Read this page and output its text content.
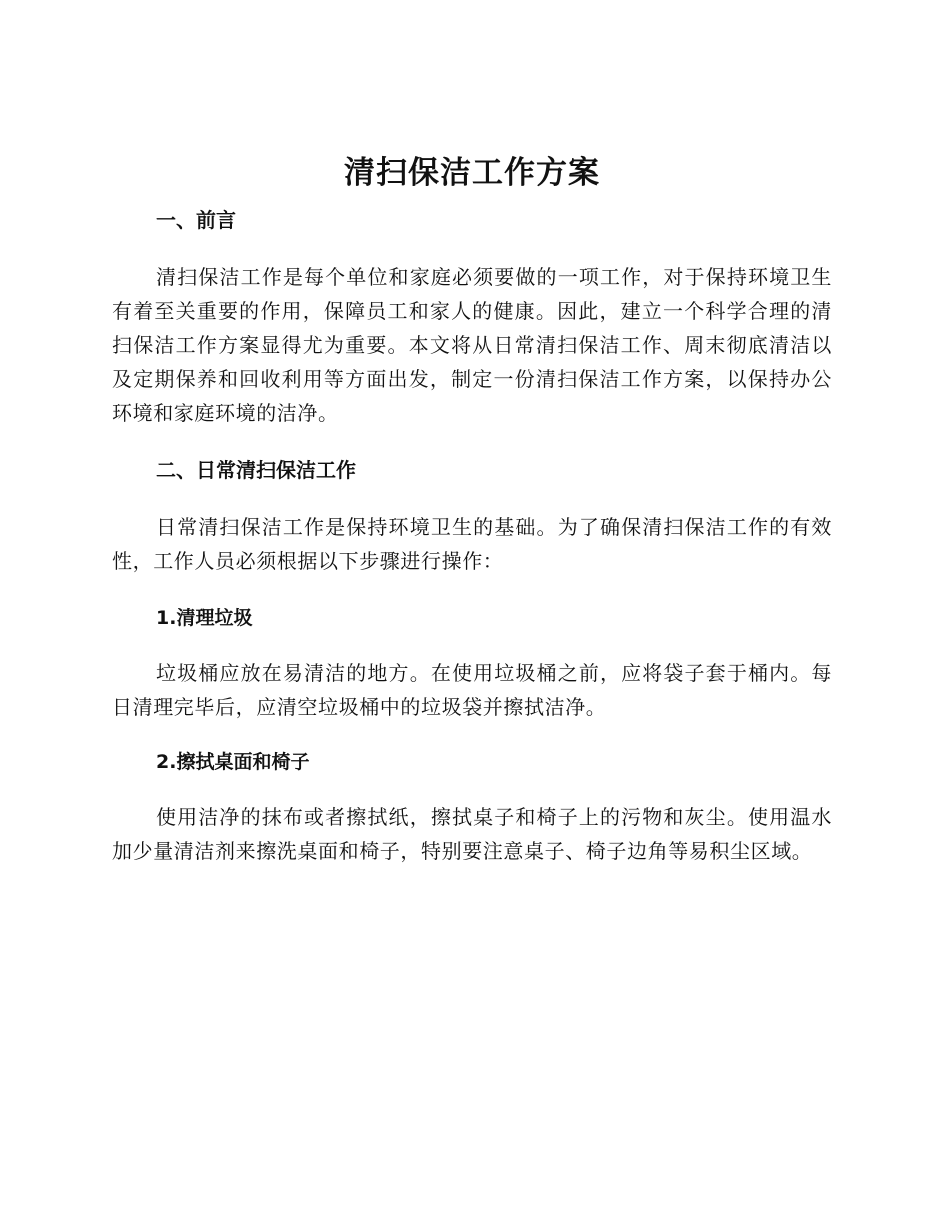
清扫保洁工作方案
一、前言

清扫保洁工作是每个单位和家庭必须要做的一项工作，对于保持环境卫生有着至关重要的作用，保障员工和家人的健康。因此，建立一个科学合理的清扫保洁工作方案显得尤为重要。本文将从日常清扫保洁工作、周末彻底清洁以及定期保养和回收利用等方面出发，制定一份清扫保洁工作方案，以保持办公环境和家庭环境的洁净。

二、日常清扫保洁工作

日常清扫保洁工作是保持环境卫生的基础。为了确保清扫保洁工作的有效性，工作人员必须根据以下步骤进行操作：

1.清理垃圾

垃圾桶应放在易清洁的地方。在使用垃圾桶之前，应将袋子套于桶内。每日清理完毕后，应清空垃圾桶中的垃圾袋并擦拭洁净。

2.擦拭桌面和椅子

使用洁净的抹布或者擦拭纸，擦拭桌子和椅子上的污物和灰尘。使用温水加少量清洁剂来擦洗桌面和椅子，特别要注意桌子、椅子边角等易积尘区域。
